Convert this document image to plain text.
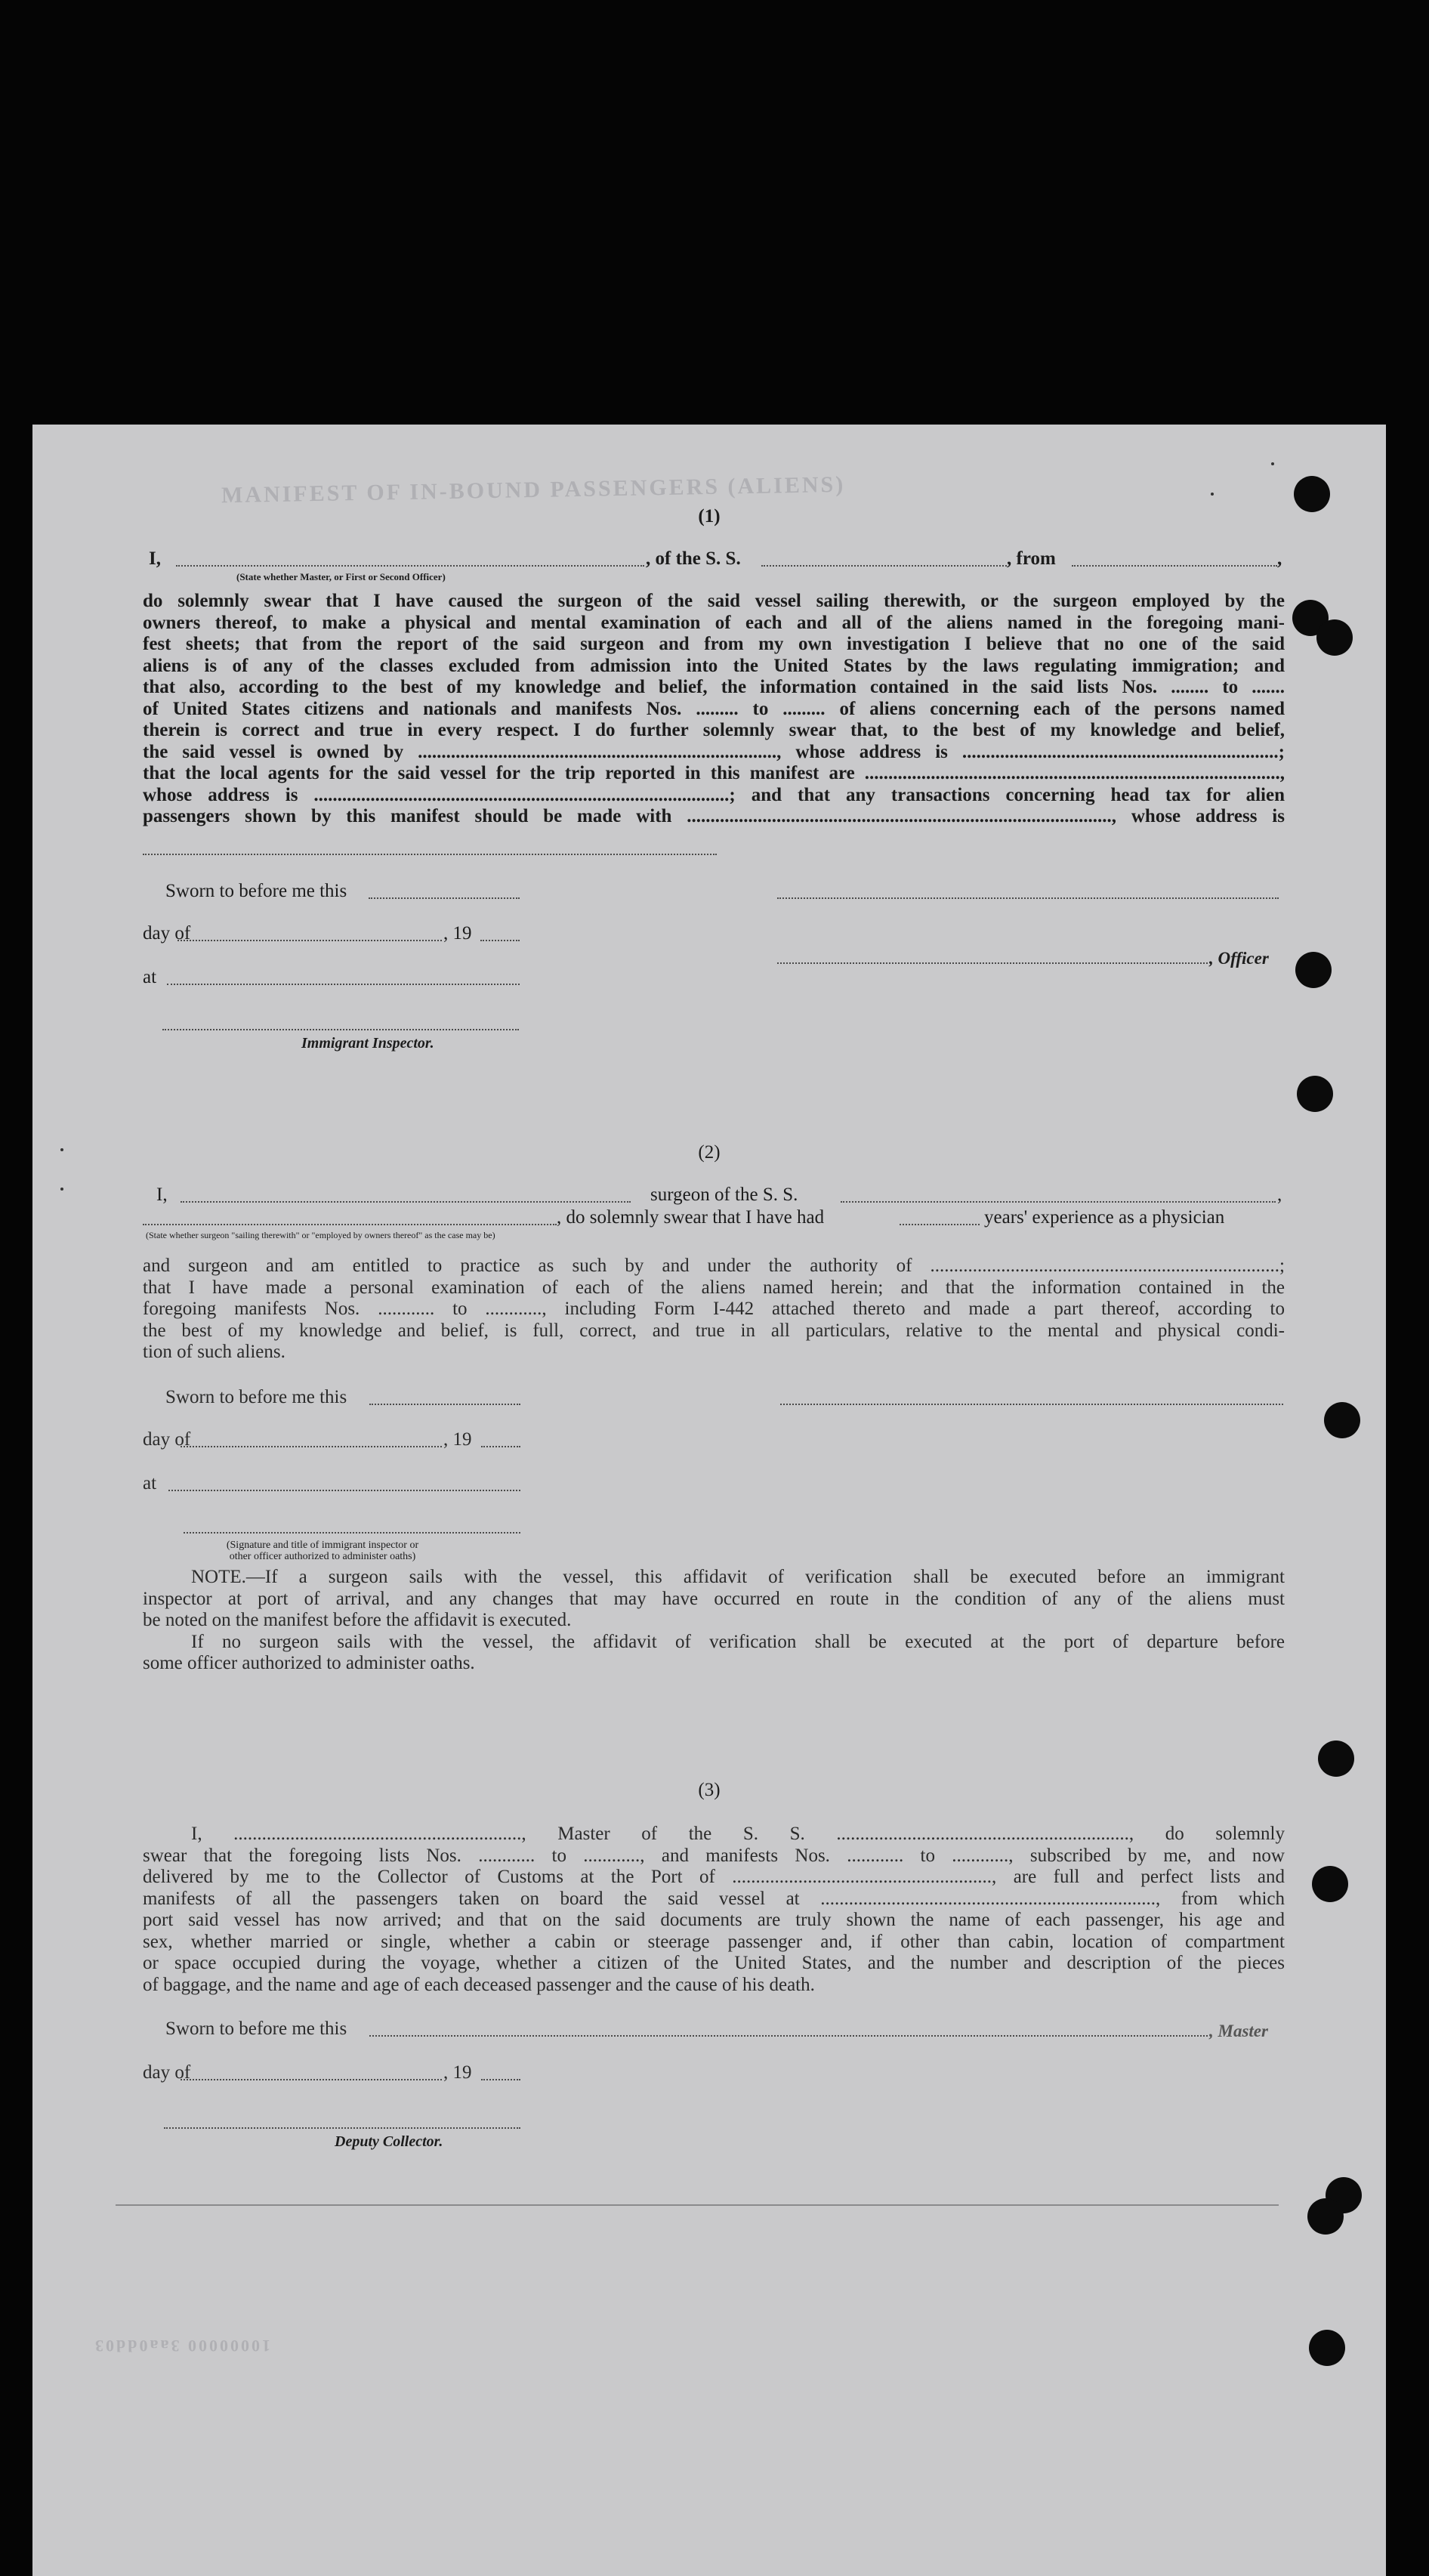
MANIFEST OF IN-BOUND PASSENGERS (ALIENS)
10000000 3aa0dd03
(1)
I,	, of the S. S.	, from	,
(State whether Master, or First or Second Officer)

do solemnly swear that I have caused the surgeon of the said vessel sailing therewith, or the surgeon employed by the

owners thereof, to make a physical and mental examination of each and all of the aliens named in the foregoing mani-

fest sheets; that from the report of the said surgeon and from my own investigation I believe that no one of the said

aliens is of any of the classes excluded from admission into the United States by the laws regulating immigration; and

that also, according to the best of my knowledge and belief, the information contained in the said lists Nos. ........ to .......

of United States citizens and nationals and manifests Nos. ......... to ......... of aliens concerning each of the persons named

therein is correct and true in every respect. I do further solemnly swear that, to the best of my knowledge and belief,

the said vessel is owned by ............................................................................, whose address is ...................................................................;

that the local agents for the said vessel for the trip reported in this manifest are ........................................................................................,

whose address is ........................................................................................; and that any transactions concerning head tax for alien

passengers shown by this manifest should be made with .........................................................................................., whose address is

Sworn to before me this
day of	, 19
, Officer
at
Immigrant Inspector.
(2)
I,	surgeon of the S. S.	,
, do solemnly swear that I have had	years' experience as a physician
(State whether surgeon "sailing therewith" or "employed by owners thereof" as the case may be)

and surgeon and am entitled to practice as such by and under the authority of ..........................................................................;

that I have made a personal examination of each of the aliens named herein; and that the information contained in the

foregoing manifests Nos. ............ to ............, including Form I-442 attached thereto and made a part thereof, according to

the best of my knowledge and belief, is full, correct, and true in all particulars, relative to the mental and physical condi-

tion of such aliens.

Sworn to before me this
day of	, 19
at
(Signature and title of immigrant inspector or
other officer authorized to administer oaths)

NOTE.—If a surgeon sails with the vessel, this affidavit of verification shall be executed before an immigrant

inspector at port of arrival, and any changes that may have occurred en route in the condition of any of the aliens must

be noted on the manifest before the affidavit is executed.

If no surgeon sails with the vessel, the affidavit of verification shall be executed at the port of departure before

some officer authorized to administer oaths.

(3)

I, ............................................................., Master of the S. S. .............................................................., do solemnly

swear that the foregoing lists Nos. ............ to ............, and manifests Nos. ............ to ............, subscribed by me, and now

delivered by me to the Collector of Customs at the Port of ......................................................., are full and perfect lists and

manifests of all the passengers taken on board the said vessel at ......................................................................., from which

port said vessel has now arrived; and that on the said documents are truly shown the name of each passenger, his age and

sex, whether married or single, whether a cabin or steerage passenger and, if other than cabin, location of compartment

or space occupied during the voyage, whether a citizen of the United States, and the number and description of the pieces

of baggage, and the name and age of each deceased passenger and the cause of his death.

Sworn to before me this	, Master
day of	, 19
Deputy Collector.
